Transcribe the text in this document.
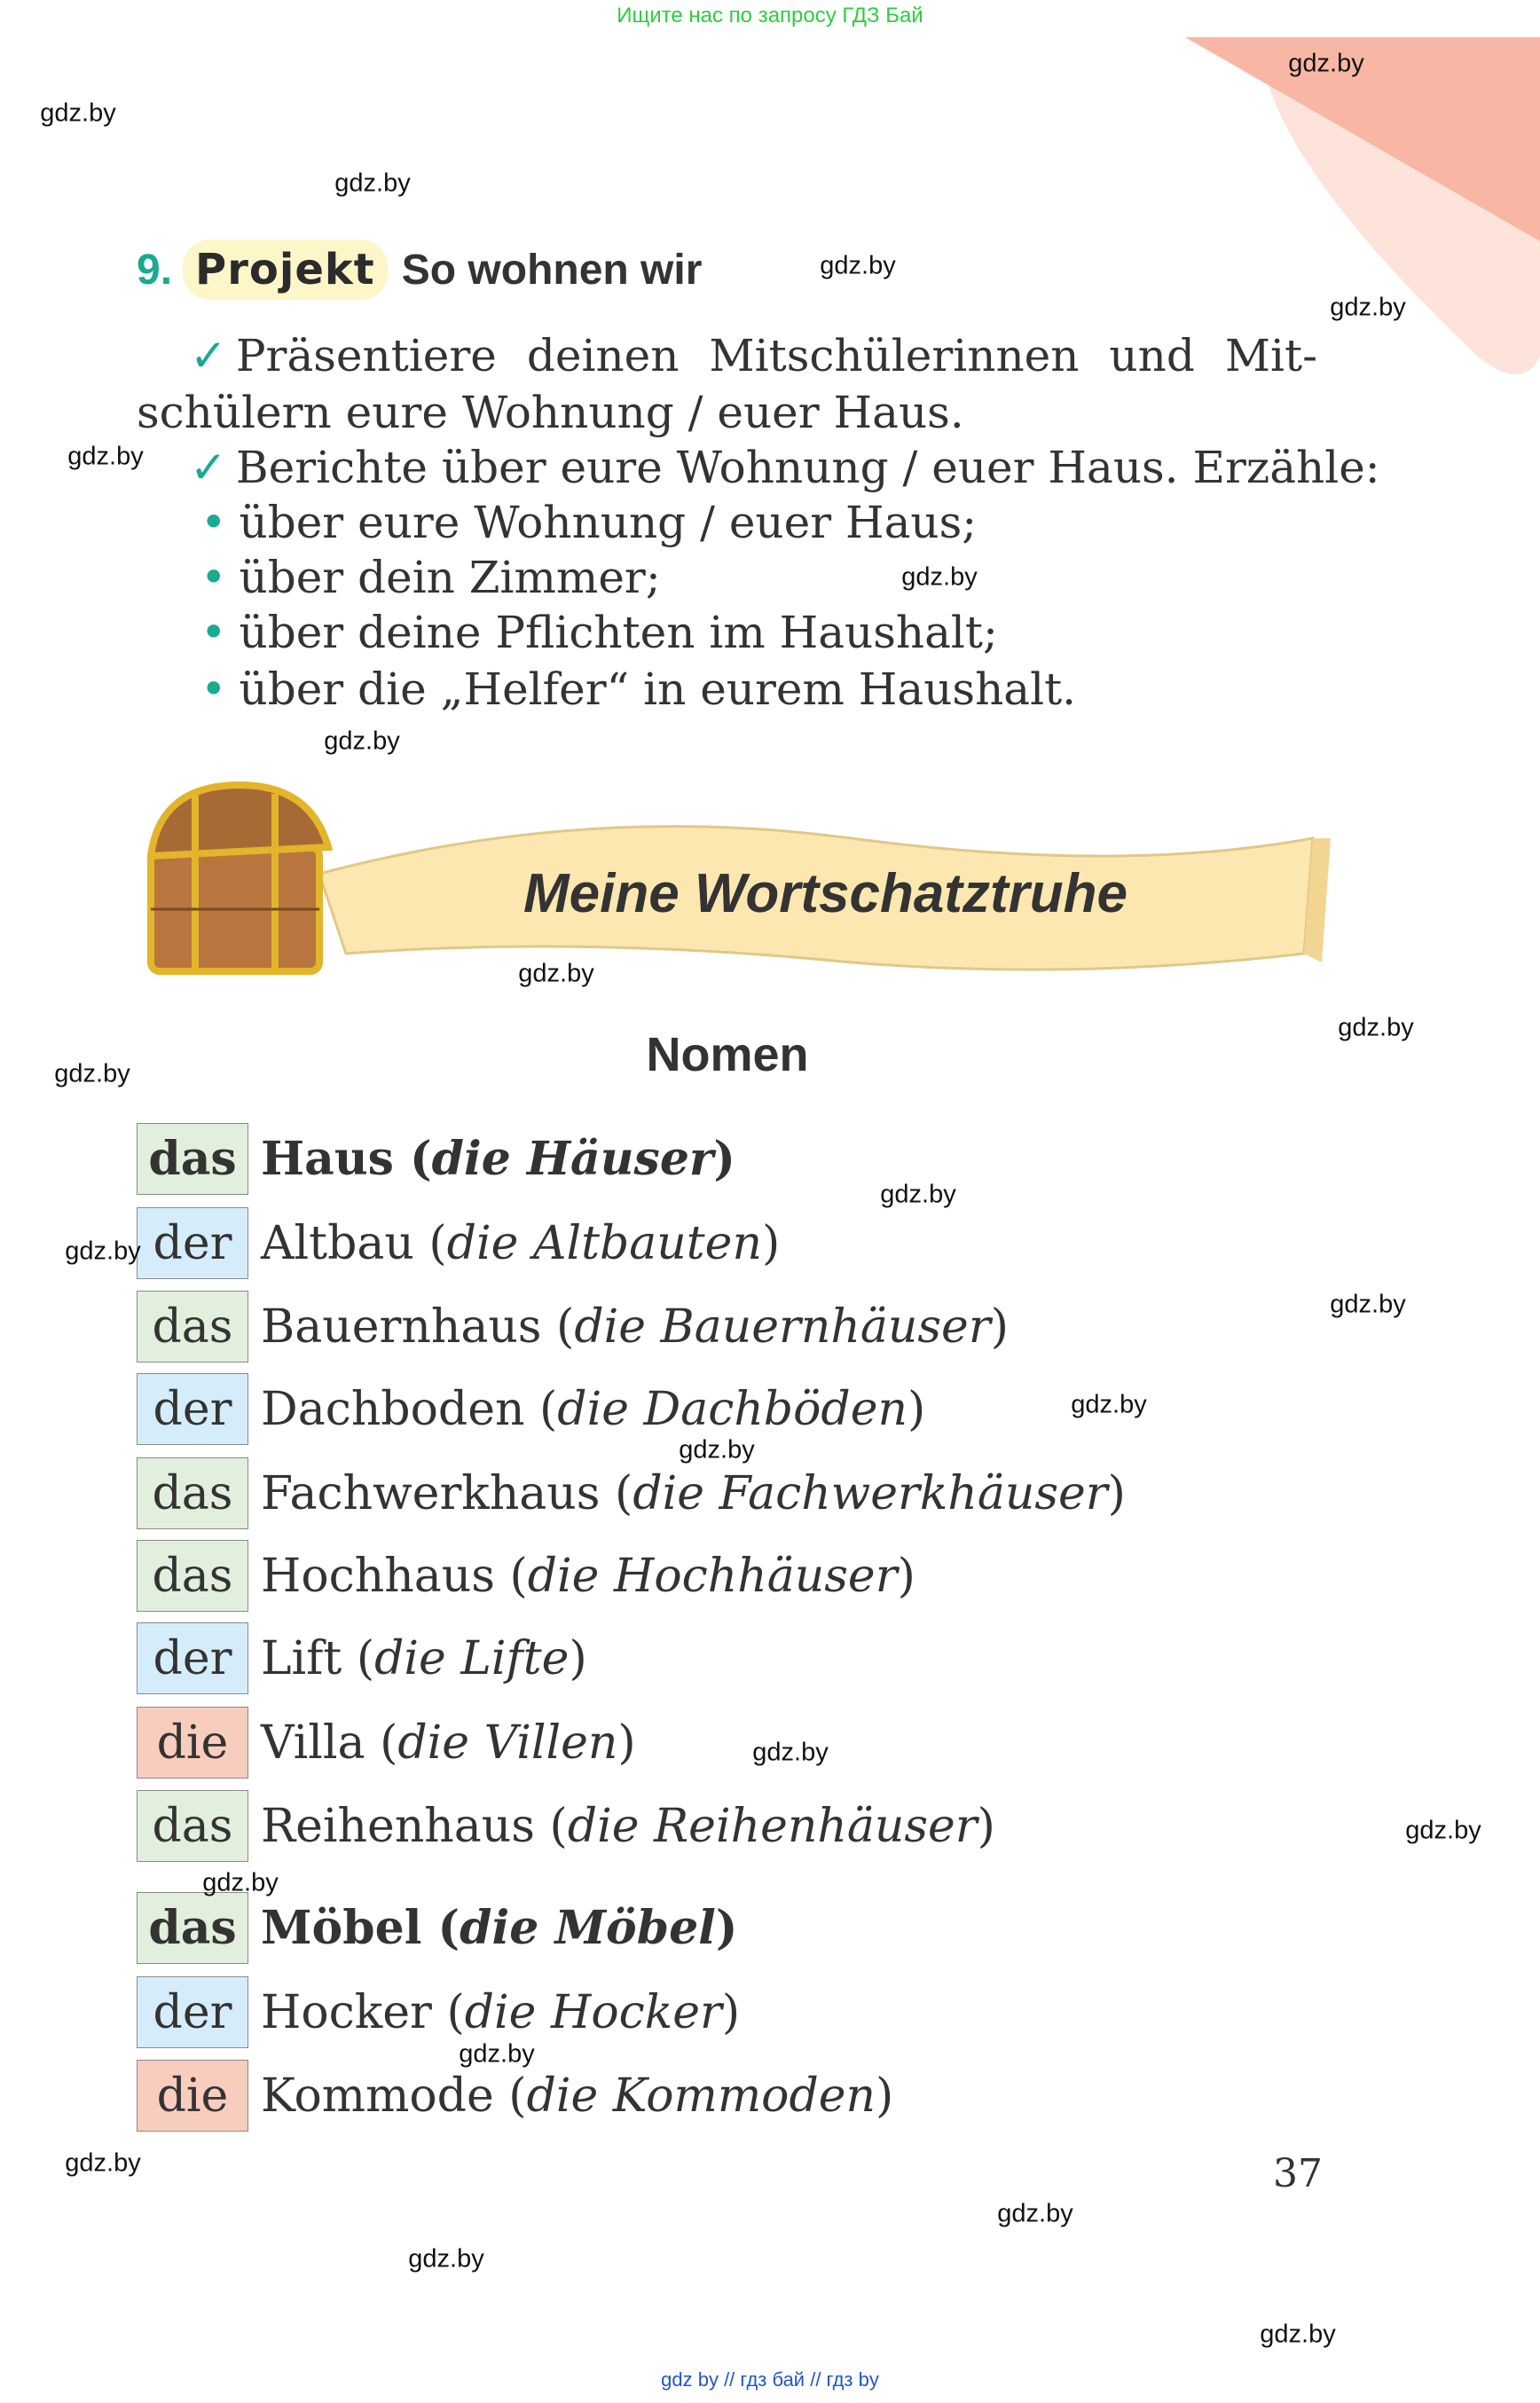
Ищите нас по запросу ГДЗ Бай
9. Projekt So wohnen wir
✓ Präsentiere deinen Mitschülerinnen und Mit-
schülern eure Wohnung / euer Haus.
✓ Berichte über eure Wohnung / euer Haus. Erzähle:
• über eure Wohnung / euer Haus;
• über dein Zimmer;
• über deine Pflichten im Haushalt;
• über die „Helfer“ in eurem Haushalt.
Meine Wortschatztruhe
Nomen
das Haus (die Häuser)
der Altbau (die Altbauten)
das Bauernhaus (die Bauernhäuser)
der Dachboden (die Dachböden)
das Fachwerkhaus (die Fachwerkhäuser)
das Hochhaus (die Hochhäuser)
der Lift (die Lifte)
die Villa (die Villen)
das Reihenhaus (die Reihenhäuser)
das Möbel (die Möbel)
der Hocker (die Hocker)
die Kommode (die Kommoden)
37
gdz.by
gdz.by
gdz.by
gdz.by
gdz.by
gdz.by
gdz.by
gdz.by
gdz.by
gdz.by
gdz.by
gdz.by
gdz.by
gdz.by
gdz.by
gdz.by
gdz.by
gdz.by
gdz.by
gdz.by
gdz.by
gdz.by
gdz.by
gdz.by
gdz by // гдз бай // гдз by
